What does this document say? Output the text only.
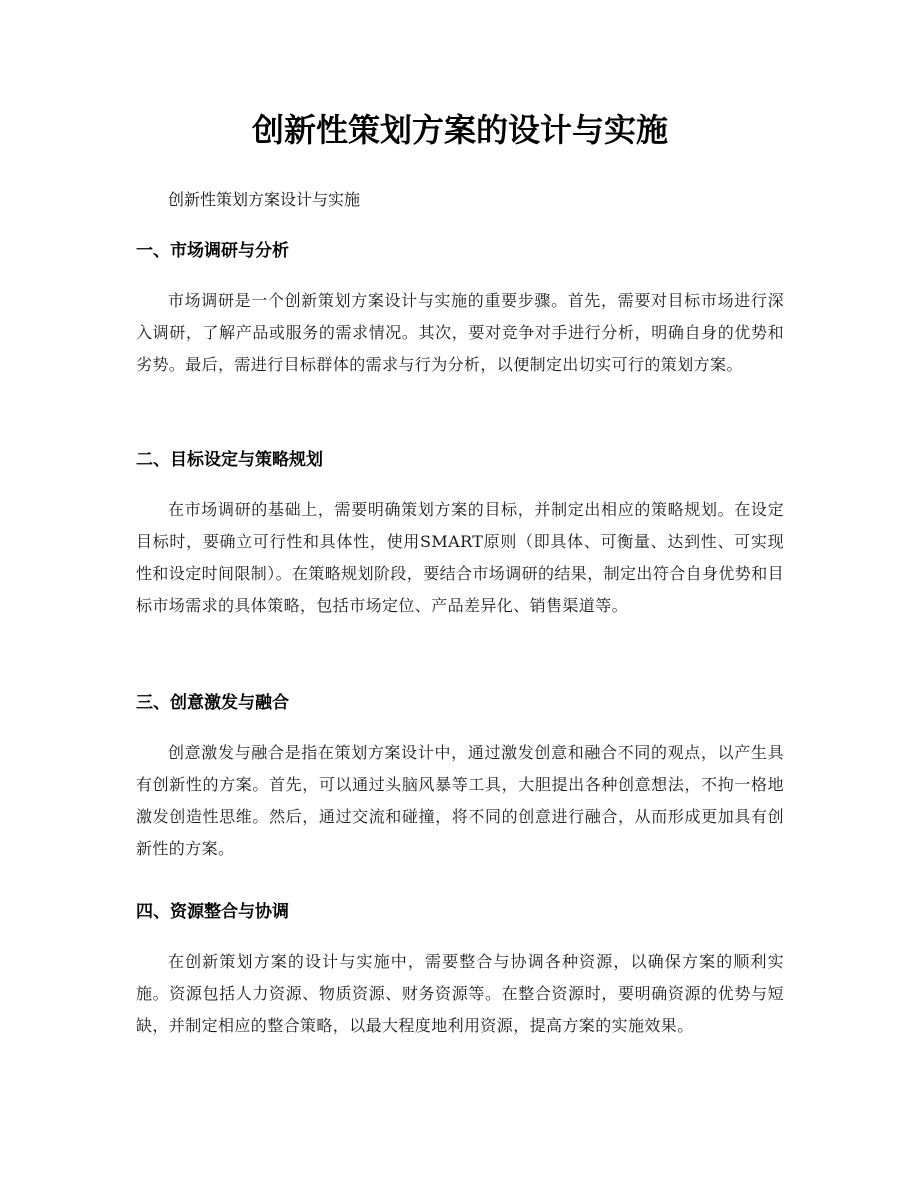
创新性策划方案的设计与实施

创新性策划方案设计与实施

一、市场调研与分析

市场调研是一个创新策划方案设计与实施的重要步骤。首先，需要对目标市场进行深入调研，了解产品或服务的需求情况。其次，要对竞争对手进行分析，明确自身的优势和劣势。最后，需进行目标群体的需求与行为分析，以便制定出切实可行的策划方案。

二、目标设定与策略规划

在市场调研的基础上，需要明确策划方案的目标，并制定出相应的策略规划。在设定目标时，要确立可行性和具体性，使用SMART原则（即具体、可衡量、达到性、可实现性和设定时间限制）。在策略规划阶段，要结合市场调研的结果，制定出符合自身优势和目标市场需求的具体策略，包括市场定位、产品差异化、销售渠道等。

三、创意激发与融合

创意激发与融合是指在策划方案设计中，通过激发创意和融合不同的观点，以产生具有创新性的方案。首先，可以通过头脑风暴等工具，大胆提出各种创意想法，不拘一格地激发创造性思维。然后，通过交流和碰撞，将不同的创意进行融合，从而形成更加具有创新性的方案。

四、资源整合与协调

在创新策划方案的设计与实施中，需要整合与协调各种资源，以确保方案的顺利实施。资源包括人力资源、物质资源、财务资源等。在整合资源时，要明确资源的优势与短缺，并制定相应的整合策略，以最大程度地利用资源，提高方案的实施效果。
